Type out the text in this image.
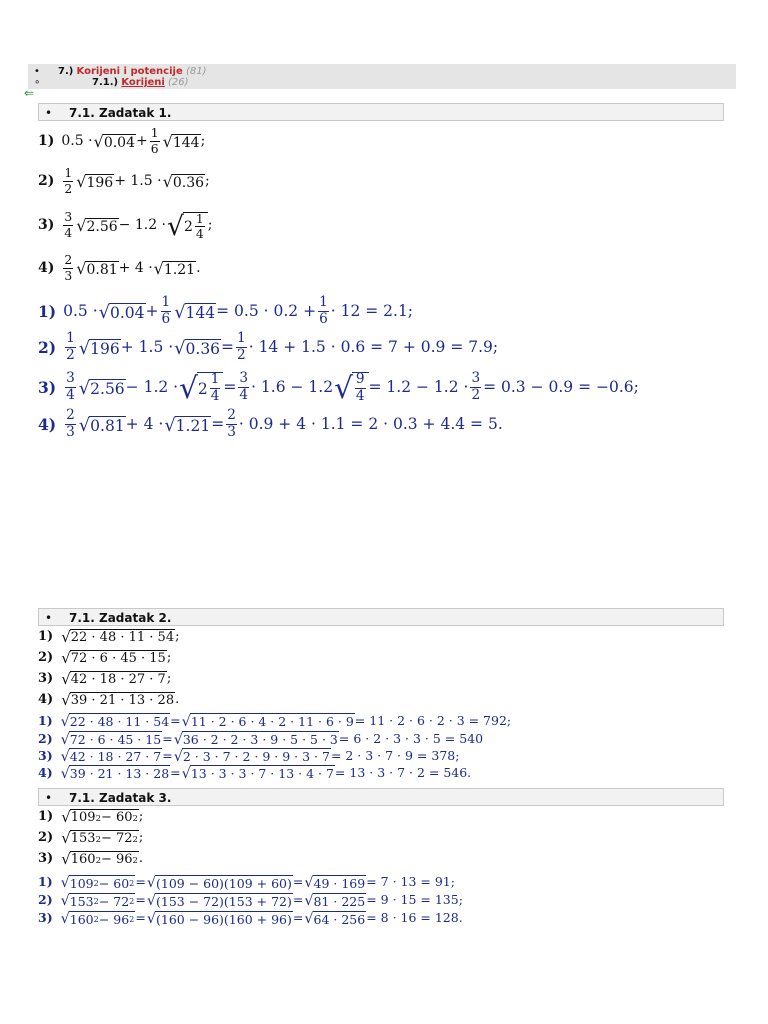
• 7.) Korijeni i potencije (81)
∘	7.1.) Korijeni (26)
⇐
• 7.1. Zadatak 1.
1) 0.5 · √ $0.04 + \frac{1}{6}$ √ 144 ;
$2) \frac{1}{2}$ √ 196 + 1.5 · √ 0.36 ;
$3) \frac{3}{4}$ √ 2.56 − 1.2 · √ $2 \frac{1}{4}$ ;
$4) \frac{2}{3}$ √ 0.81 + 4 · √ 1.21 .
1) 0.5 · √ $0.04 + \frac{1}{6}$ √ $144 = 0.5 \cdot 0.2 + \frac{1}{6} \cdot 12 = 2.1$;
$2) \frac{1}{2}$ √ 196 + 1.5 · √ $0.36 = \frac{1}{2} \cdot 14 + 1.5 \cdot 0.6 = 7 + 0.9 = 7.9$;
$3) \frac{3}{4}$ √ 2.56 − 1.2 · √ $2 \frac{1}{4} = \frac{3}{4} \cdot 1.6 - 1.2$ √ $\frac{9}{4} = 1.2 - 1.2 \cdot \frac{3}{2} = 0.3 - 0.9 = -0.6$;
$4) \frac{2}{3}$ √ 0.81 + 4 · √ $1.21 = \frac{2}{3} \cdot 0.9 + 4 \cdot 1.1 = 2 \cdot 0.3 + 4.4 = 5$.
• 7.1. Zadatak 2.
1) √ 22 · 48 · 11 · 54 ;
2) √ 72 · 6 · 45 · 15 ;
3) √ 42 · 18 · 27 · 7 ;
4) √ 39 · 21 · 13 · 28 .
1) √ 22 · 48 · 11 · 54 = √ 11 · 2 · 6 · 4 · 2 · 11 · 6 · 9 = 11 · 2 · 6 · 2 · 3 = 792;
2) √ 72 · 6 · 45 · 15 = √ 36 · 2 · 2 · 3 · 9 · 5 · 5 · 3 = 6 · 2 · 3 · 3 · 5 = 540
3) √ 42 · 18 · 27 · 7 = √ 2 · 3 · 7 · 2 · 9 · 9 · 3 · 7 = 2 · 3 · 7 · 9 = 378;
4) √ 39 · 21 · 13 · 28 = √ 13 · 3 · 3 · 7 · 13 · 4 · 7 = 13 · 3 · 7 · 2 = 546.
• 7.1. Zadatak 3.
1) √ 109 2 − 60 2 ;
2) √ 153 2 − 72 2 ;
3) √ 160 2 − 96 2 .
1) √ 109 2 − 60 2 = √ (109 − 60)(109 + 60) = √ 49 · 169 = 7 · 13 = 91;
2) √ 153 2 − 72 2 = √ (153 − 72)(153 + 72) = √ 81 · 225 = 9 · 15 = 135;
3) √ 160 2 − 96 2 = √ (160 − 96)(160 + 96) = √ 64 · 256 = 8 · 16 = 128.
